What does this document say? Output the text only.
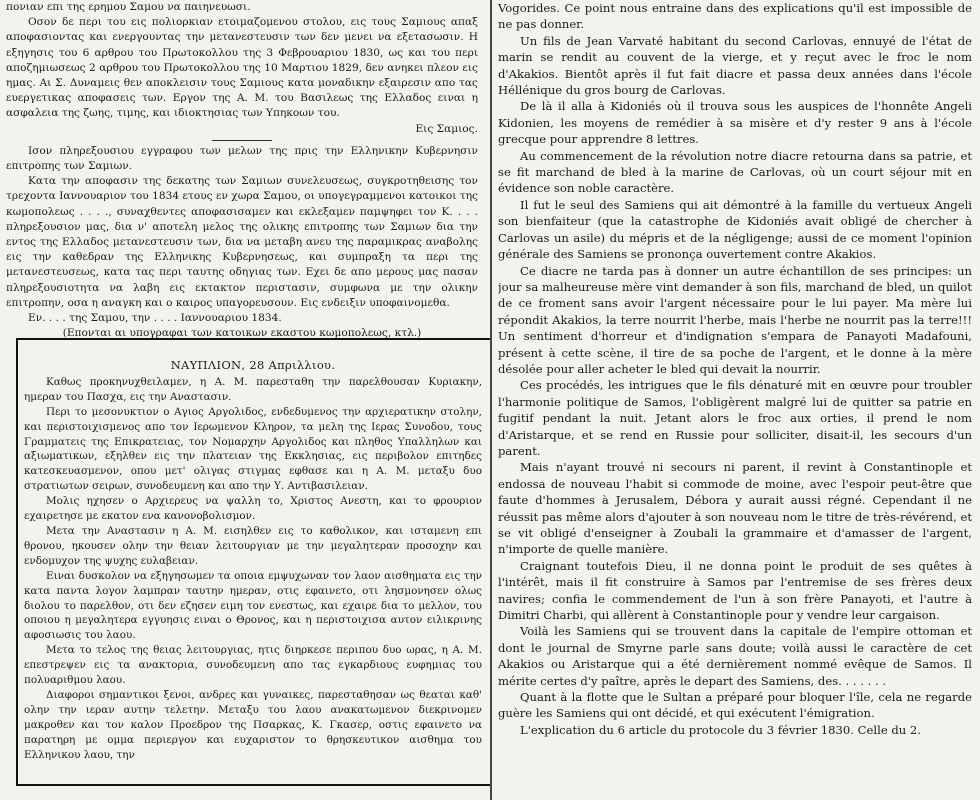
πονιαν επι της ερημου Σαμου να παιηνευωσι.

Οσον δε περι του εις πολιορκιαν ετοιμαζομενου στολου, εις τους Σαμιους απαξ αποφασιοντας και ενεργουντας την μετανεστευσιν των δεν μενει να εξετασωσιν. Η εξηγησις του 6 αρθρου του Πρωτοκολλου της 3 Φεβρουαριου 1830, ως και του περι αποζημιωσεως 2 αρθρου του Πρωτοκολλου της 10 Μαρτιου 1829, δεν ανηκει πλεον εις ημας. Αι Σ. Δυναμεις θεν αποκλεισιν τους Σαμιους κατα μοναδικην εξαιρεσιν απο τας ευεργετικας αποφασεις των. Εργον της Α. Μ. του Βασιλεως της Ελλαδος ειναι η ασφαλεια της ζωης, τιμης, και ιδιοκτησιας των Υπηκοων του.

Εις Σαμιος.

Ισον πληρεξουσιου εγγραφου των μελων της πρις την Ελληνικην Κυβερνησιν επιτροπης των Σαμιων.

Κατα την αποφασιν της δεκατης των Σαμιων συνελευσεως, συγκροτηθεισης τον τρεχοντα Ιαννουαριον του 1834 ετους εν χωρα Σαμου, οι υπογεγραμμενοι κατοικοι της κωμοπολεως . . . ., συναχθεντες αποφασισαμεν και εκλεξαμεν παμψηφει τον Κ. . . . πληρεξουσιον μας, δια ν' αποτελη μελος της ολικης επιτροπης των Σαμιων δια την εντος της Ελλαδος μετανεστευσιν των, δια να μεταβη ανευ της παραμικρας αναβολης εις την καθεδραν της Ελληνικης Κυβερνησεως, και συμπραξη τα περι της μετανεστευσεως, κατα τας περι ταυτης οδηγιας των. Εχει δε απο μερους μας πασαν πληρεξουσιοτητα να λαβη εις εκτακτον περιστασιν, συμφωνα με την ολικην επιτροπην, οσα η αναγκη και ο καιρος υπαγορευσουν. Εις ενδειξιν υποφαινομεθα.

Εν. . . . της Σαμου, την . . . . Ιαννουαριου 1834.

(Επονται αι υπογραφαι των κατοικων εκαστου κωμοπολεως, κτλ.)

ΝΑΥΠΛΙΟΝ, 28 Απριλλιου.

Καθως προκηνυχθειλαμεν, η Α. Μ. παρεσταθη την παρελθουσαν Κυριακην, ημεραν του Πασχα, εις την Αναστασιν.

Περι το μεσονυκτιον ο Αγιος Αργολιδος, ενδεδυμενος την αρχιερατικην στολην, και περιστοιχισμενος απο τον Ιερωμενον Κληρον, τα μελη της Ιερας Συνοδου, τους Γραμματεις της Επικρατειας, τον Νομαρχην Αργολιδος και πληθος Υπαλληλων και αξιωματικων, εξηλθεν εις την πλατειαν της Εκκλησιας, εις περιβολον επιτηδες κατεσκευασμενον, οπου μετ' ολιγας στιγμας εφθασε και η Α. Μ. μεταξυ δυο στρατιωτων σειρων, συνοδευμενη και απο την Υ. Αντιβασιλειαν.

Μολις ηχησεν ο Αρχιερευς να ψαλλη το, Χριστος Ανεστη, και το φρουριον εχαιρετησε με εκατον ενα κανονοβολισμον.

Μετα την Αναστασιν η Α. Μ. εισηλθεν εις το καθολικον, και ισταμενη επι θρονου, ηκουσεν ολην την θειαν λειτουργιαν με την μεγαλητεραν προσοχην και ενδομυχον της ψυχης ευλαβειαν.

Ειναι δυσκολον να εξηγησωμεν τα οποια εμψυχωναν τον λαον αισθηματα εις την κατα παντα λογον λαμπραν ταυτην ημεραν, οτις εφαινετο, οτι λησμονησεν ολως διολου το παρελθον, οτι δεν εζησεν ειμη τον ενεστως, και εχαιρε δια το μελλον, του οποιου η μεγαλητερα εγγυησις ειναι ο Θρονος, και η περιστοιχισα αυτον ειλικρινης αφοσιωσις του λαου.

Μετα το τελος της θειας λειτουργιας, ητις διηρκεσε περιπου δυο ωρας, η Α. Μ. επεστρεψεν εις τα ανακτορια, συνοδευμενη απο τας εγκαρδιους ευφημιας του πολυαριθμου λαου.

Διαφοροι σημαντικοι ξενοι, ανδρες και γυναικες, παρεσταθησαν ως θεαται καθ' ολην την ιεραν αυτην τελετην. Μεταξυ του λαου ανακατωμενον διεκρινομεν μακροθεν και τον καλον Προεδρον της Πσαρκας, Κ. Γκασερ, οστις εφαινετο να παρατηρη με ομμα περιεργον και ευχαριστον το θρησκευτικον αισθημα του Ελληνικου λαου, την

Vogorides. Ce point nous entraine dans des explications qu'il est impossible de ne pas donner.

Un fils de Jean Varvaté habitant du second Carlovas, ennuyé de l'état de marin se rendit au couvent de la vierge, et y reçut avec le froc le nom d'Akakios. Bientôt après il fut fait diacre et passa deux années dans l'école Héllénique du gros bourg de Carlovas.

De là il alla à Kidoniés où il trouva sous les auspices de l'honnête Angeli Kidonien, les moyens de remédier à sa misère et d'y rester 9 ans à l'école grecque pour apprendre 8 lettres.

Au commencement de la révolution notre diacre retourna dans sa patrie, et se fit marchand de bled à la marine de Carlovas, où un court séjour mit en évidence son noble caractère.

Il fut le seul des Samiens qui ait démontré à la famille du vertueux Angeli son bienfaiteur (que la catastrophe de Kidoniés avait obligé de chercher à Carlovas un asile) du mépris et de la négligenge; aussi de ce moment l'opinion générale des Samiens se prononça ouvertement contre Akakios.

Ce diacre ne tarda pas à donner un autre échantillon de ses principes: un jour sa malheureuse mère vint demander à son fils, marchand de bled, un quilot de ce froment sans avoir l'argent nécessaire pour le lui payer. Ma mère lui répondit Akakios, la terre nourrit l'herbe, mais l'herbe ne nourrit pas la terre!!! Un sentiment d'horreur et d'indignation s'empara de Panayoti Madafouni, présent à cette scène, il tire de sa poche de l'argent, et le donne à la mère désolée pour aller acheter le bled qui devait la nourrir.

Ces procédés, les intrigues que le fils dénaturé mit en œuvre pour troubler l'harmonie politique de Samos, l'obligèrent malgré lui de quitter sa patrie en fugitif pendant la nuit. Jetant alors le froc aux orties, il prend le nom d'Aristarque, et se rend en Russie pour solliciter, disait-il, les secours d'un parent.

Mais n'ayant trouvé ni secours ni parent, il revint à Constantinople et endossa de nouveau l'habit si commode de moine, avec l'espoir peut-être que faute d'hommes à Jerusalem, Débora y aurait aussi régné. Cependant il ne réussit pas même alors d'ajouter à son nouveau nom le titre de très-révérend, et se vit obligé d'enseigner à Zoubali la grammaire et d'amasser de l'argent, n'importe de quelle manière.

Craignant toutefois Dieu, il ne donna point le produit de ses quêtes à l'intérêt, mais il fit construire à Samos par l'entremise de ses frères deux navires; confia le commendement de l'un à son frère Panayoti, et l'autre à Dimitri Charbi, qui allèrent à Constantinople pour y vendre leur cargaison.

Voilà les Samiens qui se trouvent dans la capitale de l'empire ottoman et dont le journal de Smyrne parle sans doute; voilà aussi le caractère de cet Akakios ou Aristarque qui a été dernièrement nommé evêque de Samos. Il mérite certes d'y paître, après le depart des Samiens, des. . . . . . .

Quant à la flotte que le Sultan a préparé pour bloquer l'île, cela ne regarde guère les Samiens qui ont décidé, et qui exécutent l'émigration.

L'explication du 6 article du protocole du 3 février 1830. Celle du 2.
